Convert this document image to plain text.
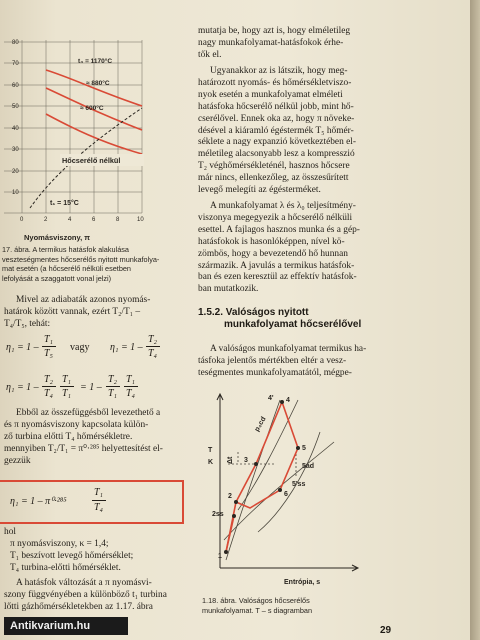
80
70
60
50
40
30
20
10
0	2	4	6	8	10
Nyomásviszony, π
t₄ = 1170°C
≈ 880°C
≈ 600°C
Hőcserélő nélkül
t₁ = 15°C
17. ábra. A termikus hatásfok alakulása
veszteségmentes hőcserélős nyitott munkafolya-
mat esetén (a hőcserélő nélküli esetben
lefolyását a szaggatott vonal jelzi)
Mivel az adiabaták azonos nyomás-
határok között vannak, ezért T₂/T₁ –
T₄/T₅, tehát:
η₁ = 1 –
T₁
T₅
vagy η₁ = 1 –
T₂
T₄
η₁ = 1 –
T₂
T₄
T₁
T₁
= 1 –
T₂
T₁
T₁
T₄
Ebből az összefüggésből levezethető a
és π nyomásviszony kapcsolata külön-
ző turbina előtti T₄ hőmérsékletre.
mennyiben T₂/T₁ = π⁰·²⁸⁵ helyettesítést el-
gezzük
η₁ = 1 – π⁰·²⁸⁵
T₁
T₄
hol
π nyomásviszony, κ = 1,4;
T₁ beszívott levegő hőmérséklet;
T₄ turbina-előtti hőmérséklet.
A hatásfok változását a π nyomásvi-
szony függvényében a különböző t₁ turbina
lőtti gázhőmérsékletekben az 1.17. ábra
mutatja be, hogy azt is, hogy elméletileg
nagy munkafolyamat-hatásfokok érhe-
tők el.
Ugyanakkor az is látszik, hogy meg-
határozott nyomás- és hőmérsékletviszo-
nyok esetén a munkafolyamat elméleti
hatásfoka hőcserélő nélkül jobb, mint hő-
cserélővel. Ennek oka az, hogy π növeke-
désével a kiáramló égéstermék T₅ hőmér-
séklete a nagy expanzió következtében el-
méletileg alacsonyabb lesz a kompresszió
T₂ véghőmérsékleténél, hasznos hőcsere
már nincs, ellenkezőleg, az összesűrített
levegő melegíti az égésterméket.
A munkafolyamat λ és λ₀ teljesítmény-
viszonya megegyezik a hőcserélő nélküli
esettel. A fajlagos hasznos munka és a gép-
hatásfokok is hasonlóképpen, nível kö-
zömbös, hogy a bevezetendő hő hunnan
származik. A javulás a termikus hatásfok-
ban és ezen keresztül az effektív hatásfok-
ban mutatkozik.
1.5.2. Valóságos nyitott
munkafolyamat hőcserélővel
A valóságos munkafolyamat termikus ha-
tásfoka jelentős mértékben eltér a vesz-
teségmentes munkafolyamatától, mégpe-
T
K
4' 4
p₄cd
Δt 3
5
5ad
5'ss
2	6
2ss
1
Entrópia, s
1.18. ábra. Valóságos hőcserélős
munkafolyamat. T – s diagramban
29
Antikvarium.hu
